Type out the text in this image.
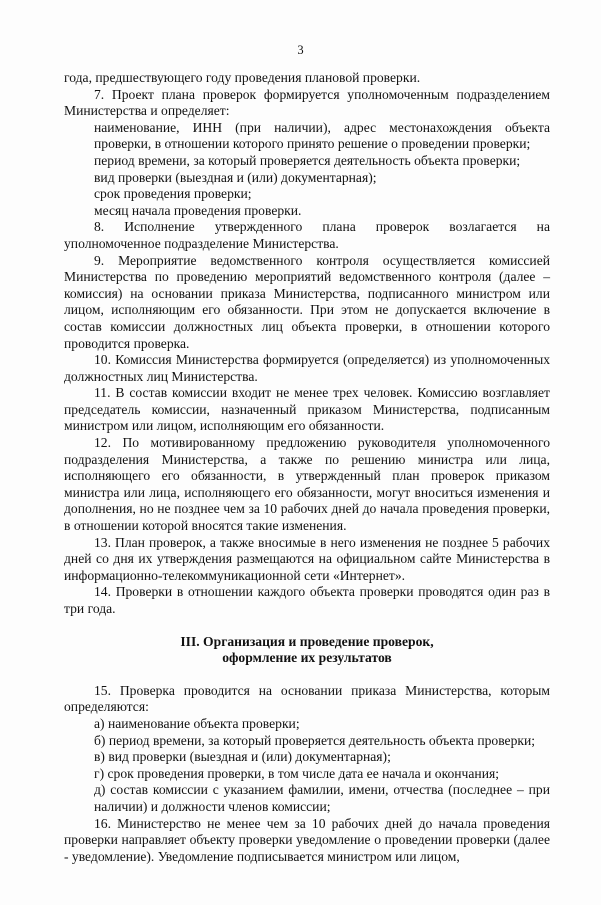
3

года, предшествующего году проведения плановой проверки.

7. Проект плана проверок формируется уполномоченным подразделением Министерства и определяет:

наименование, ИНН (при наличии), адрес местонахождения объекта проверки, в отношении которого принято решение о проведении проверки;

период времени, за который проверяется деятельность объекта проверки;

вид проверки (выездная и (или) документарная);

срок проведения проверки;

месяц начала проведения проверки.

8. Исполнение утвержденного плана проверок возлагается на уполномоченное подразделение Министерства.

9. Мероприятие ведомственного контроля осуществляется комиссией Министерства по проведению мероприятий ведомственного контроля (далее – комиссия) на основании приказа Министерства, подписанного министром или лицом, исполняющим его обязанности. При этом не допускается включение в состав комиссии должностных лиц объекта проверки, в отношении которого проводится проверка.

10. Комиссия Министерства формируется (определяется) из уполномоченных должностных лиц Министерства.

11. В состав комиссии входит не менее трех человек. Комиссию возглавляет председатель комиссии, назначенный приказом Министерства, подписанным министром или лицом, исполняющим его обязанности.

12. По мотивированному предложению руководителя уполномоченного подразделения Министерства, а также по решению министра или лица, исполняющего его обязанности, в утвержденный план проверок приказом министра или лица, исполняющего его обязанности, могут вноситься изменения и дополнения, но не позднее чем за 10 рабочих дней до начала проведения проверки, в отношении которой вносятся такие изменения.

13. План проверок, а также вносимые в него изменения не позднее 5 рабочих дней со дня их утверждения размещаются на официальном сайте Министерства в информационно-телекоммуникационной сети «Интернет».

14. Проверки в отношении каждого объекта проверки проводятся один раз в три года.

III. Организация и проведение проверок,

оформление их результатов

15. Проверка проводится на основании приказа Министерства, которым определяются:

а) наименование объекта проверки;

б) период времени, за который проверяется деятельность объекта проверки;

в) вид проверки (выездная и (или) документарная);

г) срок проведения проверки, в том числе дата ее начала и окончания;

д) состав комиссии с указанием фамилии, имени, отчества (последнее – при наличии) и должности членов комиссии;

16. Министерство не менее чем за 10 рабочих дней до начала проведения проверки направляет объекту проверки уведомление о проведении проверки (далее - уведомление). Уведомление подписывается министром или лицом,
